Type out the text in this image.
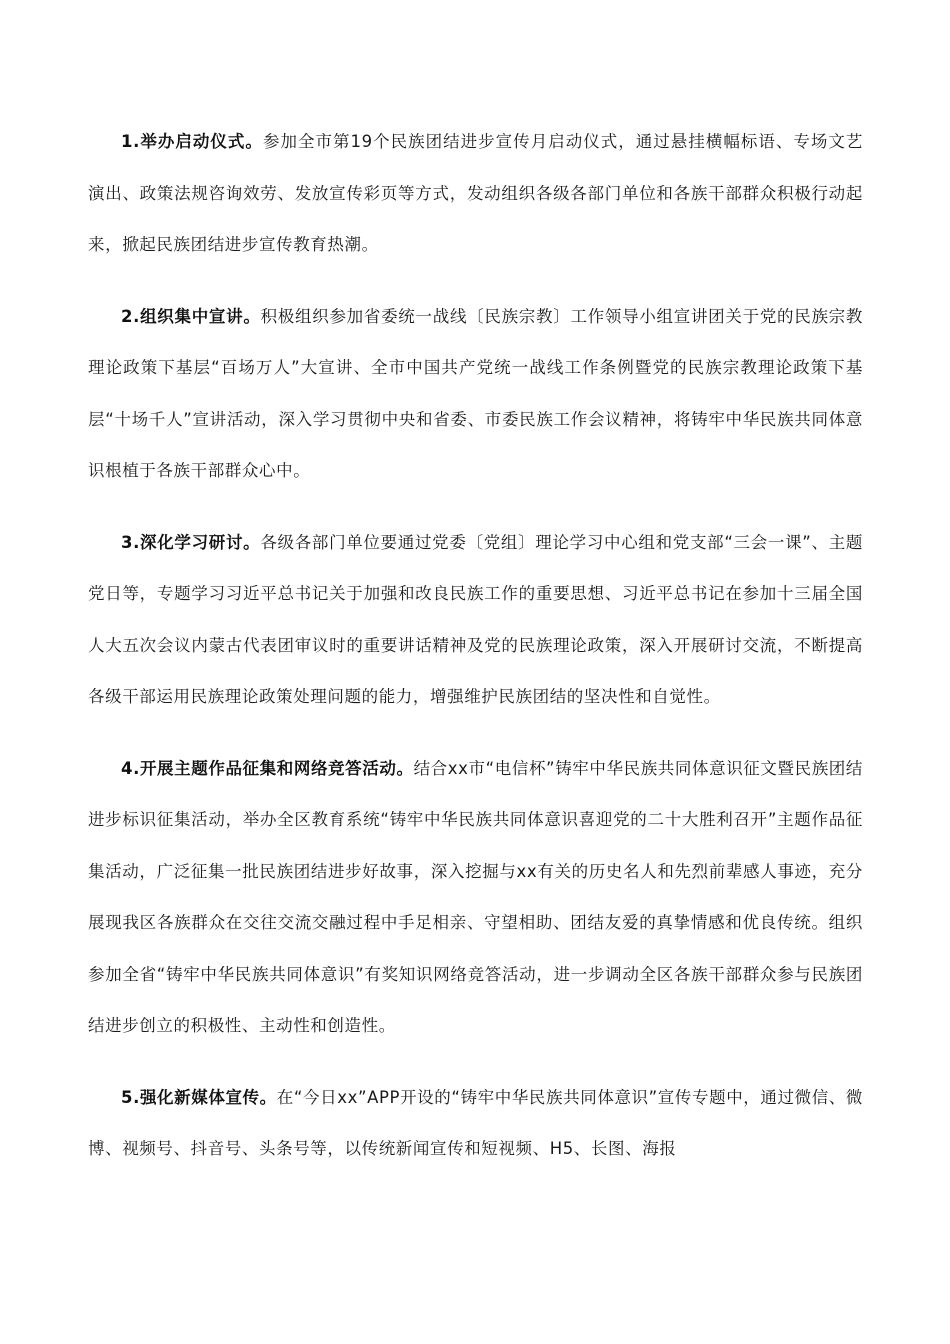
1.举办启动仪式。参加全市第19个民族团结进步宣传月启动仪式，通过悬挂横幅标语、专场文艺演出、政策法规咨询效劳、发放宣传彩页等方式，发动组织各级各部门单位和各族干部群众积极行动起来，掀起民族团结进步宣传教育热潮。

2.组织集中宣讲。积极组织参加省委统一战线〔民族宗教〕工作领导小组宣讲团关于党的民族宗教理论政策下基层“百场万人”大宣讲、全市中国共产党统一战线工作条例暨党的民族宗教理论政策下基层“十场千人”宣讲活动，深入学习贯彻中央和省委、市委民族工作会议精神，将铸牢中华民族共同体意识根植于各族干部群众心中。

3.深化学习研讨。各级各部门单位要通过党委〔党组〕理论学习中心组和党支部“三会一课”、主题党日等，专题学习习近平总书记关于加强和改良民族工作的重要思想、习近平总书记在参加十三届全国人大五次会议内蒙古代表团审议时的重要讲话精神及党的民族理论政策，深入开展研讨交流，不断提高各级干部运用民族理论政策处理问题的能力，增强维护民族团结的坚决性和自觉性。

4.开展主题作品征集和网络竞答活动。结合xx市“电信杯”铸牢中华民族共同体意识征文暨民族团结进步标识征集活动，举办全区教育系统“铸牢中华民族共同体意识喜迎党的二十大胜利召开”主题作品征集活动，广泛征集一批民族团结进步好故事，深入挖掘与xx有关的历史名人和先烈前辈感人事迹，充分展现我区各族群众在交往交流交融过程中手足相亲、守望相助、团结友爱的真挚情感和优良传统。组织参加全省“铸牢中华民族共同体意识”有奖知识网络竞答活动，进一步调动全区各族干部群众参与民族团结进步创立的积极性、主动性和创造性。

5.强化新媒体宣传。在“今日xx”APP开设的“铸牢中华民族共同体意识”宣传专题中，通过微信、微博、视频号、抖音号、头条号等，以传统新闻宣传和短视频、H5、长图、海报
